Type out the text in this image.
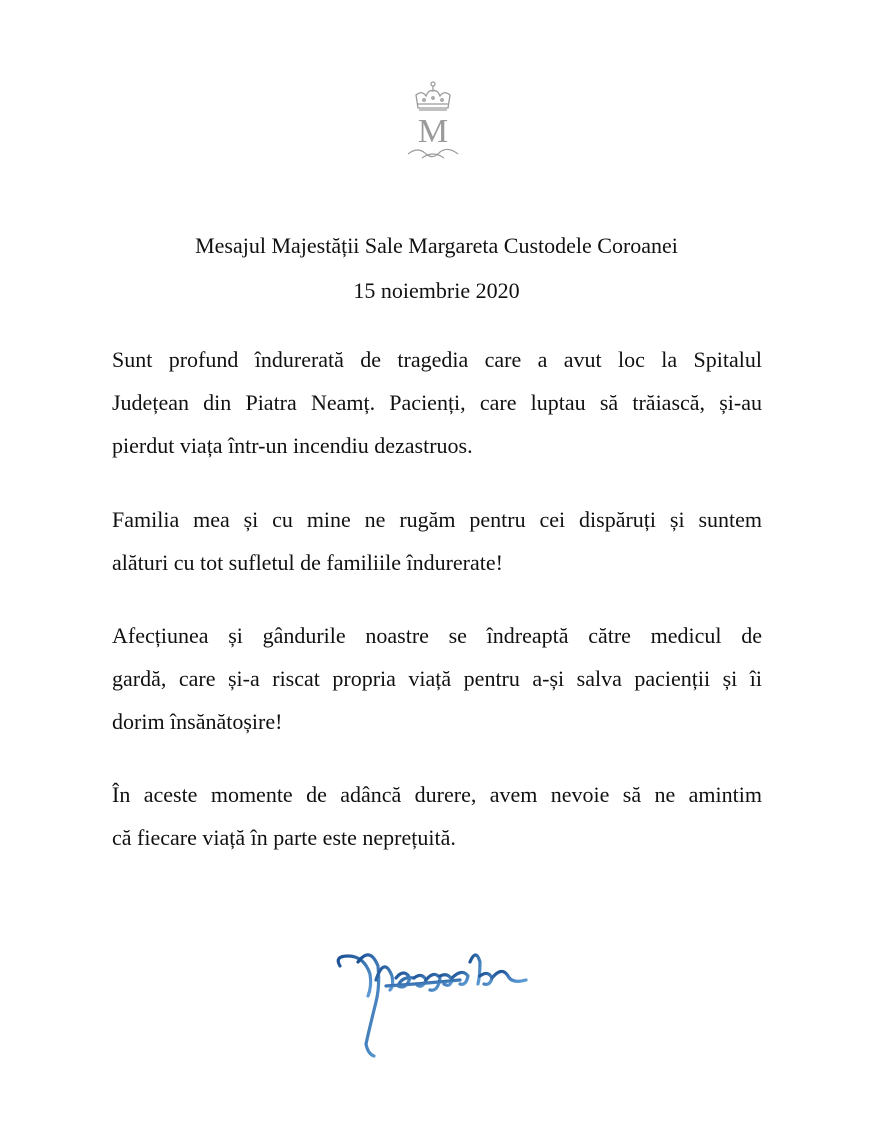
M
Mesajul Majestății Sale Margareta Custodele Coroanei
15 noiembrie 2020

Sunt profund îndurerată de tragedia care a avut loc la Spitalul
Județean din Piatra Neamț. Pacienți, care luptau să trăiască, și-au
pierdut viața într-un incendiu dezastruos.

Familia mea și cu mine ne rugăm pentru cei dispăruți și suntem
alături cu tot sufletul de familiile îndurerate!

Afecțiunea și gândurile noastre se îndreaptă către medicul de
gardă, care și-a riscat propria viață pentru a-și salva pacienții și îi
dorim însănătoșire!

În aceste momente de adâncă durere, avem nevoie să ne amintim
că fiecare viață în parte este neprețuită.
